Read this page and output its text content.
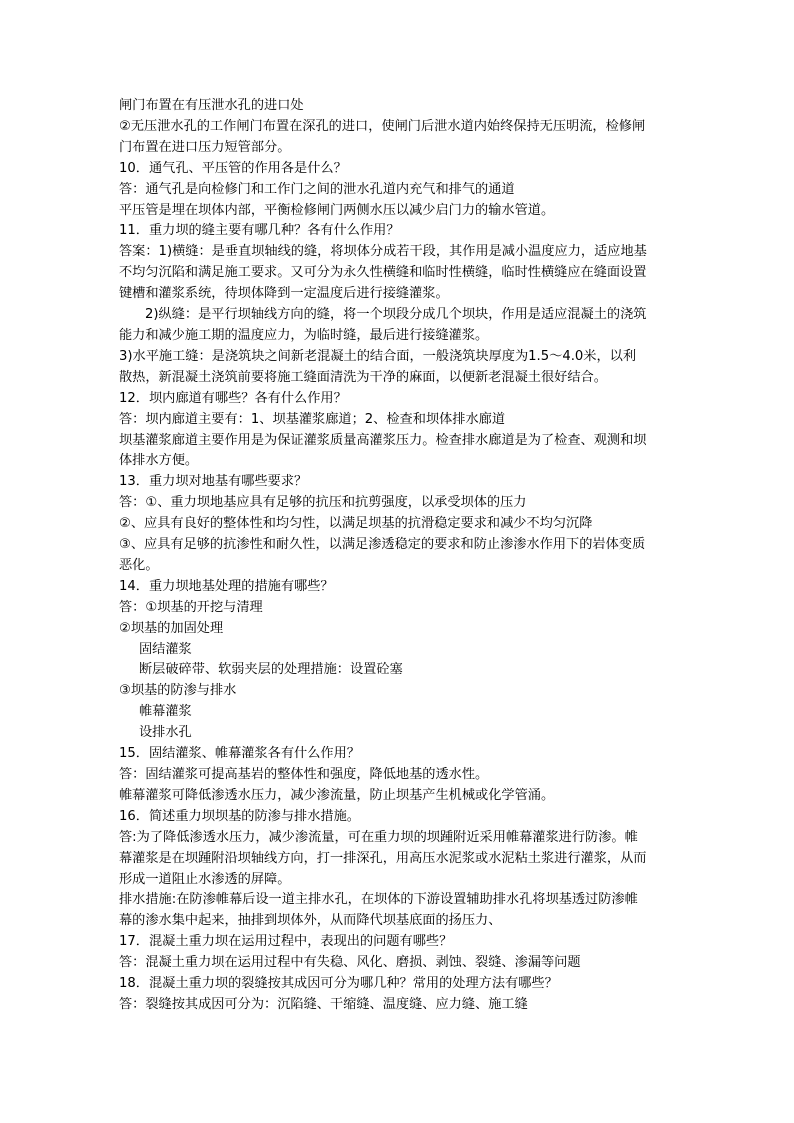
闸门布置在有压泄水孔的进口处

②无压泄水孔的工作闸门布置在深孔的进口，使闸门后泄水道内始终保持无压明流，检修闸

门布置在进口压力短管部分。

10．通气孔、平压管的作用各是什么？

答：通气孔是向检修门和工作门之间的泄水孔道内充气和排气的通道

平压管是埋在坝体内部，平衡检修闸门两侧水压以减少启门力的输水管道。

11．重力坝的缝主要有哪几种？各有什么作用？

答案：1)横缝：是垂直坝轴线的缝，将坝体分成若干段，其作用是减小温度应力，适应地基

不均匀沉陷和满足施工要求。又可分为永久性横缝和临时性横缝，临时性横缝应在缝面设置

键槽和灌浆系统，待坝体降到一定温度后进行接缝灌浆。

2)纵缝：是平行坝轴线方向的缝，将一个坝段分成几个坝块，作用是适应混凝土的浇筑

能力和减少施工期的温度应力，为临时缝，最后进行接缝灌浆。

3)水平施工缝：是浇筑块之间新老混凝土的结合面，一般浇筑块厚度为1.5～4.0米，以利

散热，新混凝土浇筑前要将施工缝面清洗为干净的麻面，以便新老混凝土很好结合。

12．坝内廊道有哪些？各有什么作用？

答：坝内廊道主要有：1、坝基灌浆廊道；2、检查和坝体排水廊道

坝基灌浆廊道主要作用是为保证灌浆质量高灌浆压力。检查排水廊道是为了检查、观测和坝

体排水方便。

13．重力坝对地基有哪些要求？

答：①、重力坝地基应具有足够的抗压和抗剪强度，以承受坝体的压力

②、应具有良好的整体性和均匀性，以满足坝基的抗滑稳定要求和减少不均匀沉降

③、应具有足够的抗渗性和耐久性，以满足渗透稳定的要求和防止渗渗水作用下的岩体变质

恶化。

14．重力坝地基处理的措施有哪些？

答：①坝基的开挖与清理

②坝基的加固处理

固结灌浆

断层破碎带、软弱夹层的处理措施：设置砼塞

③坝基的防渗与排水

帷幕灌浆

设排水孔

15．固结灌浆、帷幕灌浆各有什么作用？

答：固结灌浆可提高基岩的整体性和强度，降低地基的透水性。

帷幕灌浆可降低渗透水压力，减少渗流量，防止坝基产生机械或化学管涌。

16．简述重力坝坝基的防渗与排水措施。

答:为了降低渗透水压力，减少渗流量，可在重力坝的坝踵附近采用帷幕灌浆进行防渗。帷

幕灌浆是在坝踵附沿坝轴线方向，打一排深孔，用高压水泥浆或水泥粘土浆进行灌浆，从而

形成一道阻止水渗透的屏障。

排水措施:在防渗帷幕后设一道主排水孔，在坝体的下游设置辅助排水孔将坝基透过防渗帷

幕的渗水集中起来，抽排到坝体外，从而降代坝基底面的扬压力、

17．混凝土重力坝在运用过程中，表现出的问题有哪些？

答：混凝土重力坝在运用过程中有失稳、风化、磨损、剥蚀、裂缝、渗漏等问题

18．混凝土重力坝的裂缝按其成因可分为哪几种？常用的处理方法有哪些？

答：裂缝按其成因可分为：沉陷缝、干缩缝、温度缝、应力缝、施工缝
